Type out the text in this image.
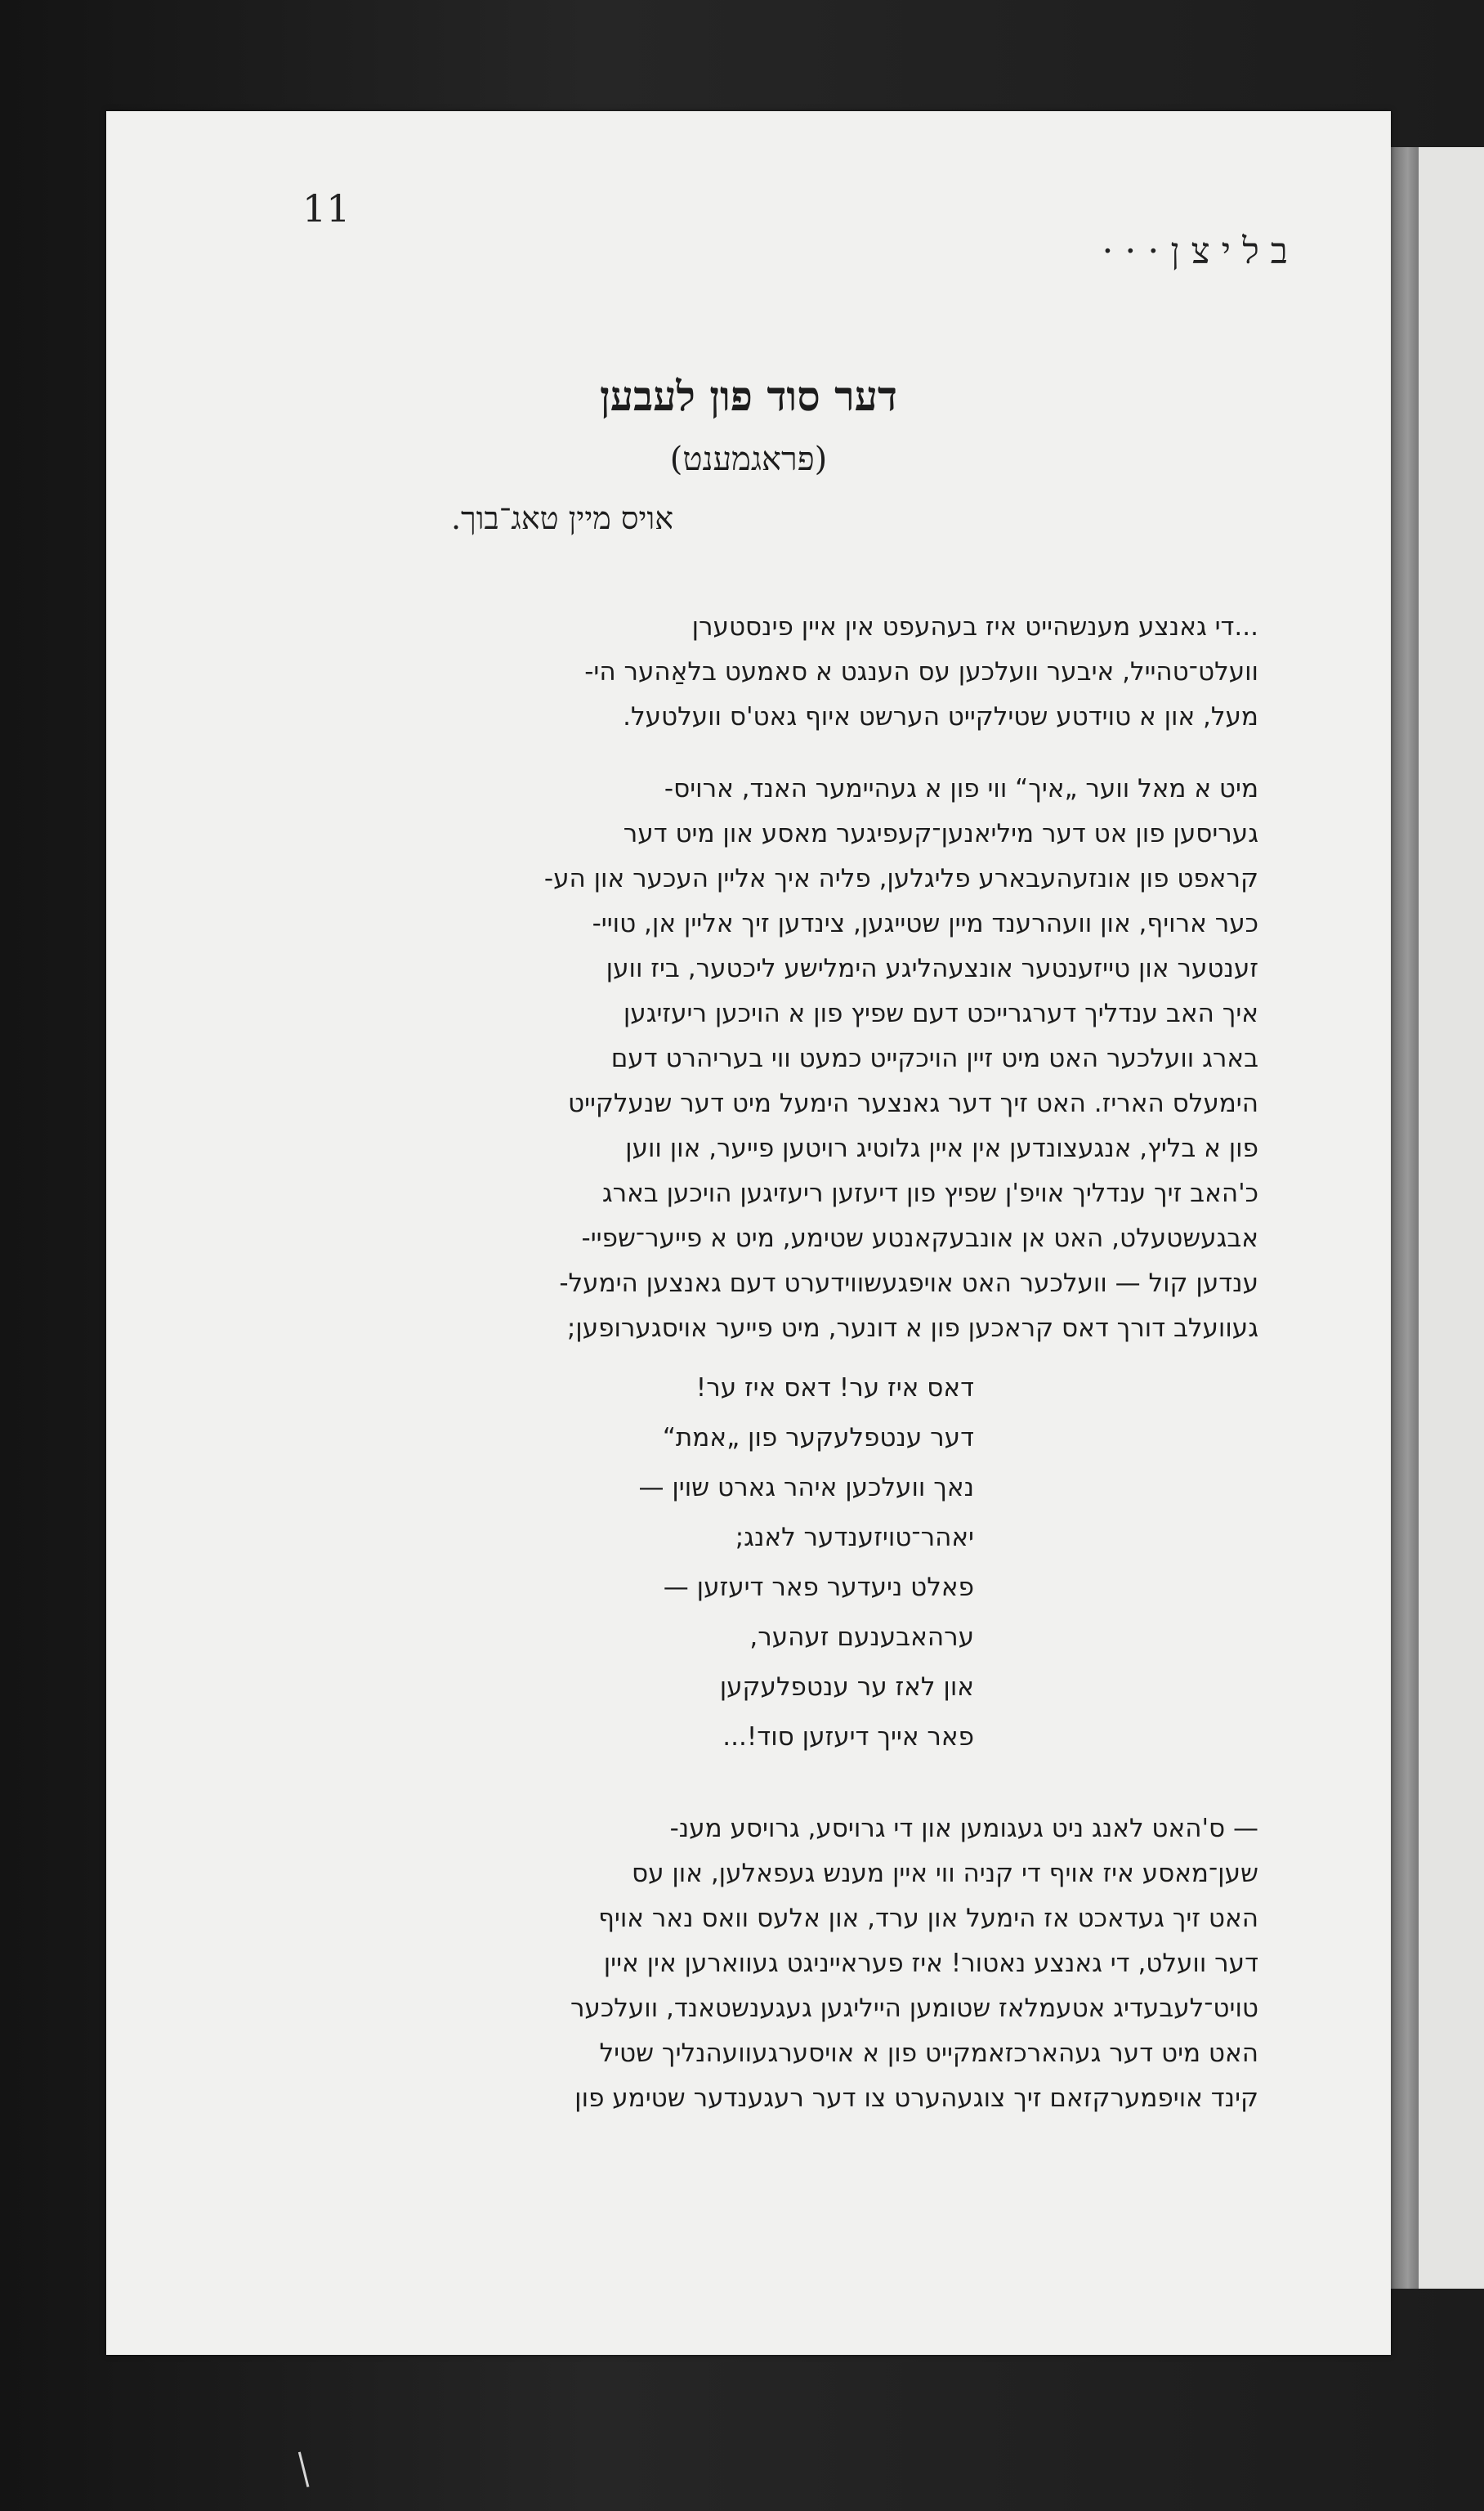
11
בליצן···
דער סוד פון לעבען
(פראגמענט)
אויס מיין טאג־בוך.
...די גאנצע מענשהייט איז בעהעפט אין איין פינסטערן
וועלט־טהייל, איבער וועלכען עס הענגט א סאמעט בלאַהער הי-
מעל, און א טוידטע שטילקייט הערשט איוף גאט'ס וועלטעל.
מיט א מאל ווער „איך“ ווי פון א געהיימער האנד, ארויס-
געריסען פון אט דער מיליאנען־קעפיגער מאסע און מיט דער
קראפט פון אונזעהעבארע פליגלען, פליה איך אליין העכער און הע-
כער ארויף, און וועהרענד מיין שטייגען, צינדען זיך אליין אן, טויי-
זענטער און טייזענטער אונצעהליגע הימלישע ליכטער, ביז ווען
איך האב ענדליך דערגרייכט דעם שפיץ פון א הויכען ריעזיגען
בארג וועלכער האט מיט זיין הויכקייט כמעט ווי בעריהרט דעם
הימעלס האריז. האט זיך דער גאנצער הימעל מיט דער שנעלקייט
פון א בליץ, אנגעצונדען אין איין גלוטיג רויטען פייער, און ווען
כ'האב זיך ענדליך אויפ'ן שפיץ פון דיעזען ריעזיגען הויכען בארג
אבגעשטעלט, האט אן אונבעקאנטע שטימע, מיט א פייער־שפיי-
ענדען קול — וועלכער האט אויפגעשווידערט דעם גאנצען הימעל-
געוועלב דורך דאס קראכען פון א דונער, מיט פייער אויסגערופען;
דאס איז ער! דאס איז ער!
דער ענטפלעקער פון „אמת“
נאך וועלכען איהר גארט שוין —
יאהר־טויזענדער לאנג;
פאלט ניעדער פאר דיעזען —
ערהאבענעם זעהער,
און לאז ער ענטפלעקען
פאר אייך דיעזען סוד!...
— ס'האט לאנג ניט געגומען און די גרויסע, גרויסע מענ-
שען־מאסע איז אויף די קניה ווי איין מענש געפאלען, און עס
האט זיך געדאכט אז הימעל און ערד, און אלעס וואס נאר אויף
דער וועלט, די גאנצע נאטור! איז פעראייניגט געווארען אין איין
טויט־לעבעדיג אטעמלאז שטומען הייליגען געגענשטאנד, וועלכער
האט מיט דער געהארכזאמקייט פון א אויסערגעוועהנליך שטיל
קינד אויפמערקזאם זיך צוגעהערט צו דער רעגענדער שטימע פון
